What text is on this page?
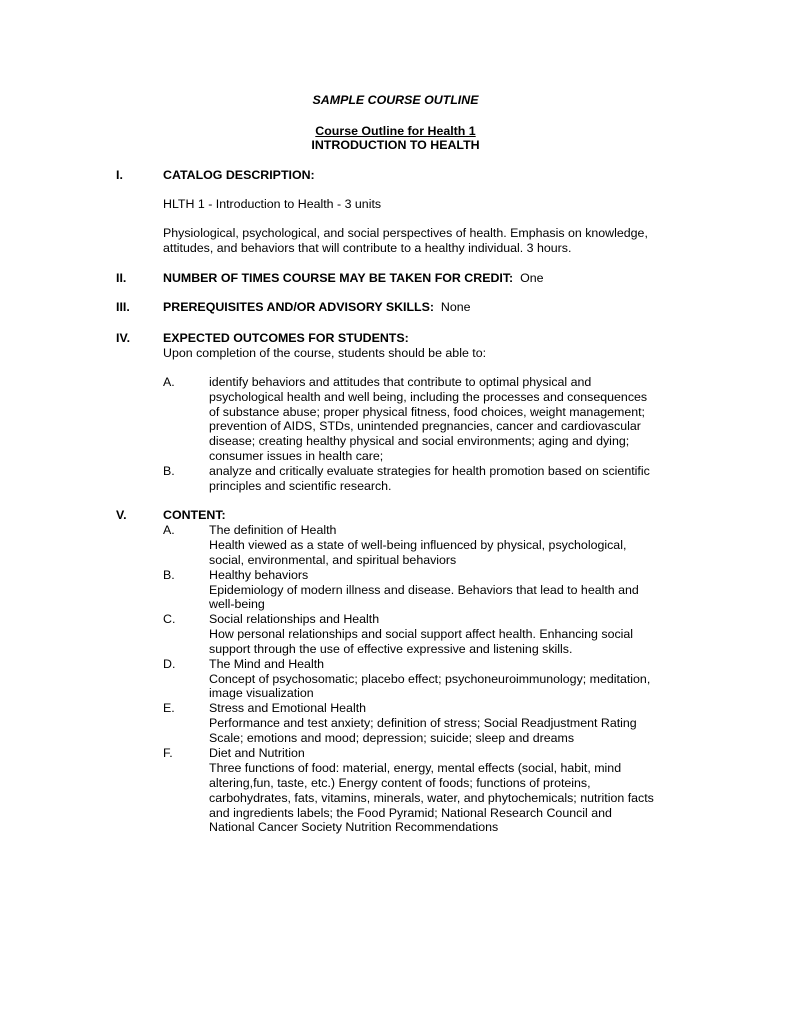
SAMPLE COURSE OUTLINE
Course Outline for Health 1
INTRODUCTION TO HEALTH
I.	CATALOG DESCRIPTION:
HLTH 1 - Introduction to Health - 3 units
Physiological, psychological, and social perspectives of health. Emphasis on knowledge,
attitudes, and behaviors that will contribute to a healthy individual. 3 hours.
II.	NUMBER OF TIMES COURSE MAY BE TAKEN FOR CREDIT: One
III.	PREREQUISITES AND/OR ADVISORY SKILLS: None
IV.	EXPECTED OUTCOMES FOR STUDENTS:
Upon completion of the course, students should be able to:
A.	identify behaviors and attitudes that contribute to optimal physical and
psychological health and well being, including the processes and consequences
of substance abuse; proper physical fitness, food choices, weight management;
prevention of AIDS, STDs, unintended pregnancies, cancer and cardiovascular
disease; creating healthy physical and social environments; aging and dying;
consumer issues in health care;
B.	analyze and critically evaluate strategies for health promotion based on scientific
principles and scientific research.
V.	CONTENT:
A.	The definition of Health
Health viewed as a state of well-being influenced by physical, psychological,
social, environmental, and spiritual behaviors
B.	Healthy behaviors
Epidemiology of modern illness and disease. Behaviors that lead to health and
well-being
C.	Social relationships and Health
How personal relationships and social support affect health. Enhancing social
support through the use of effective expressive and listening skills.
D.	The Mind and Health
Concept of psychosomatic; placebo effect; psychoneuroimmunology; meditation,
image visualization
E.	Stress and Emotional Health
Performance and test anxiety; definition of stress; Social Readjustment Rating
Scale; emotions and mood; depression; suicide; sleep and dreams
F.	Diet and Nutrition
Three functions of food: material, energy, mental effects (social, habit, mind
altering,fun, taste, etc.) Energy content of foods; functions of proteins,
carbohydrates, fats, vitamins, minerals, water, and phytochemicals; nutrition facts
and ingredients labels; the Food Pyramid; National Research Council and
National Cancer Society Nutrition Recommendations
